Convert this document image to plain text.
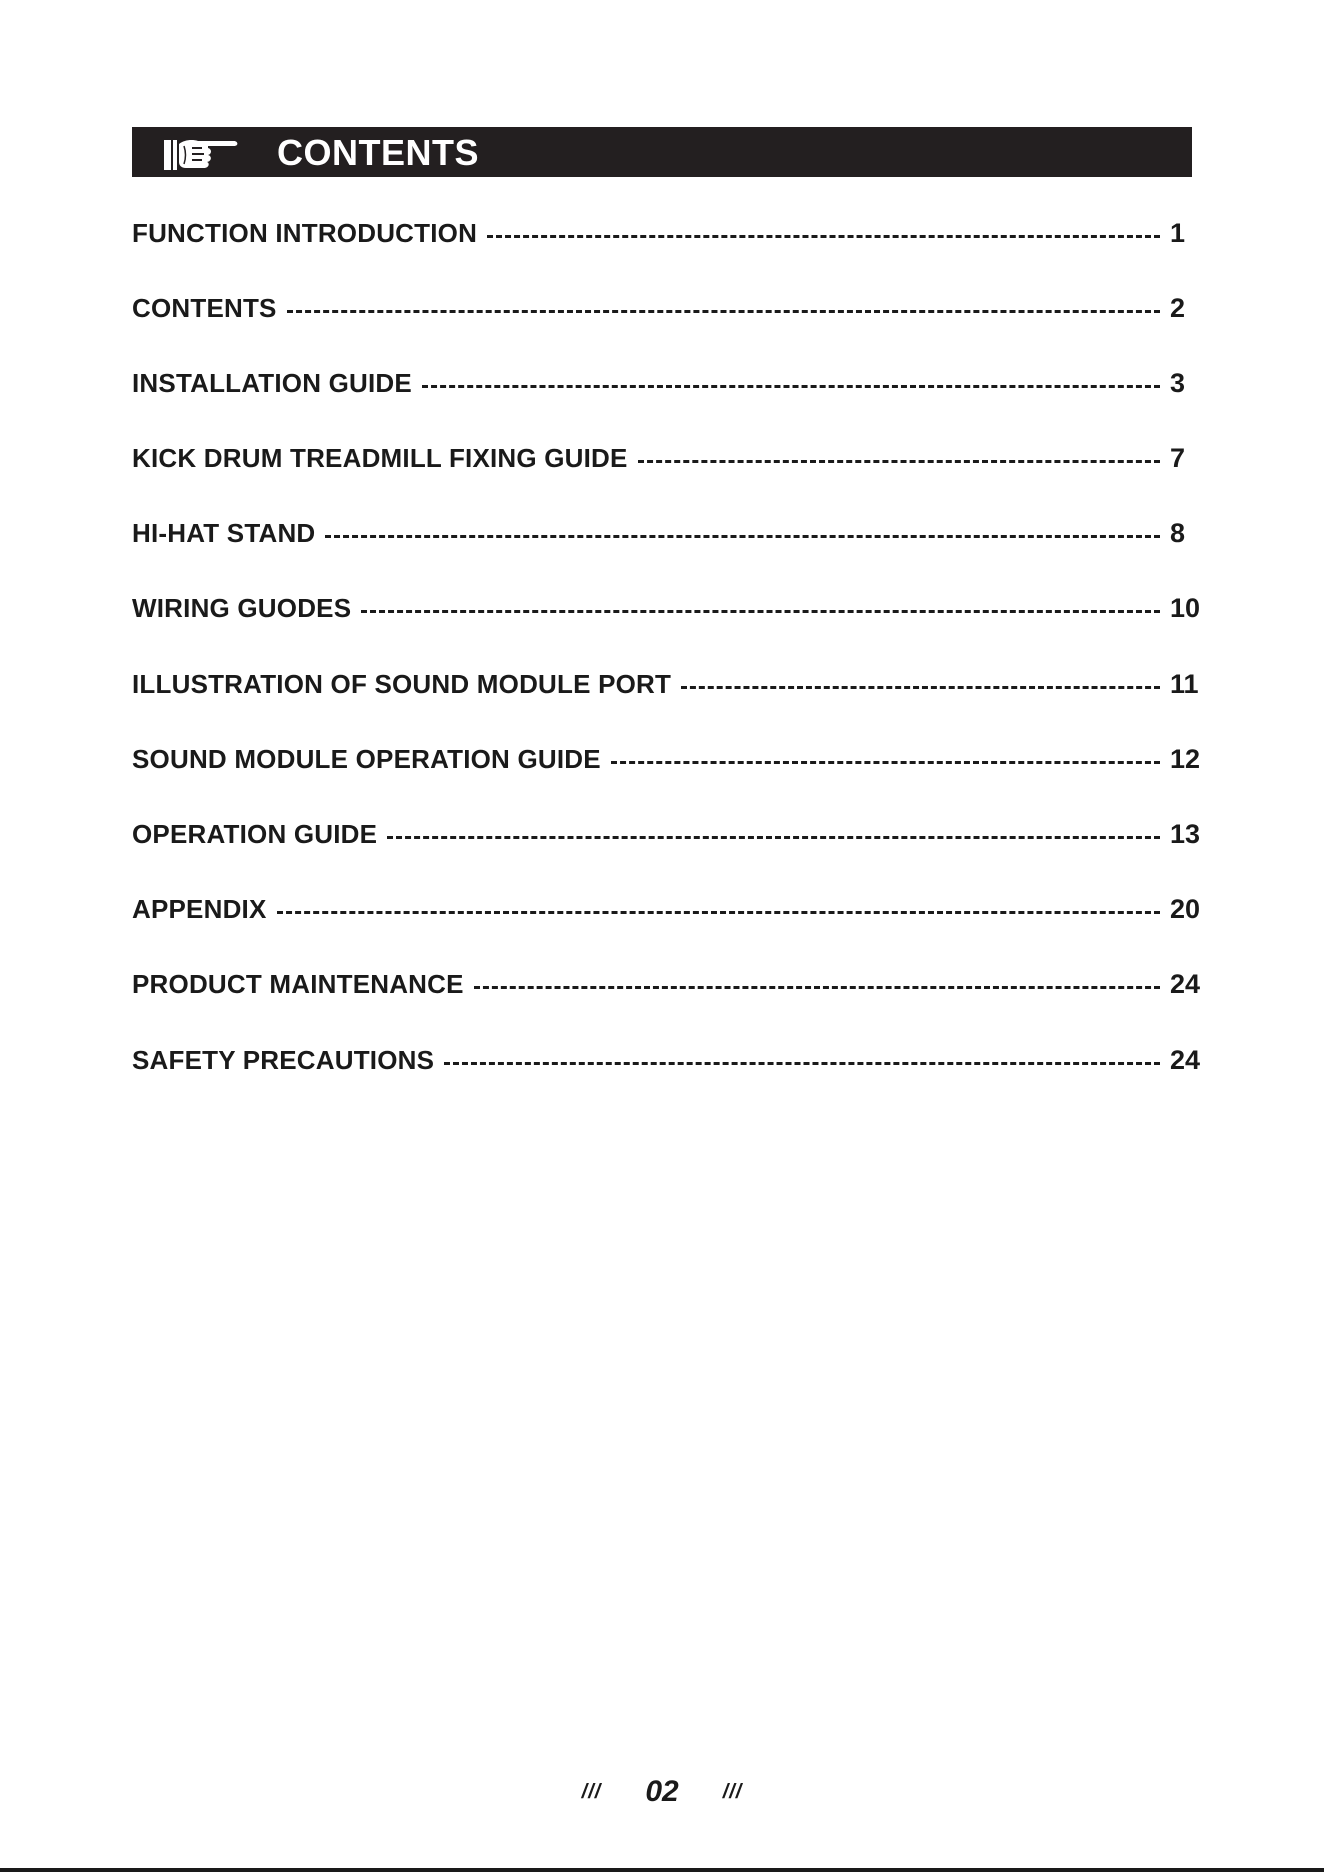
CONTENTS
FUNCTION INTRODUCTION	1
CONTENTS	2
INSTALLATION GUIDE	3
KICK DRUM TREADMILL FIXING GUIDE	7
HI-HAT STAND	8
WIRING GUODES	10
ILLUSTRATION OF SOUND MODULE PORT	11
SOUND MODULE OPERATION GUIDE	12
OPERATION GUIDE	13
APPENDIX	20
PRODUCT MAINTENANCE	24
SAFETY PRECAUTIONS	24
/// 02 ///
